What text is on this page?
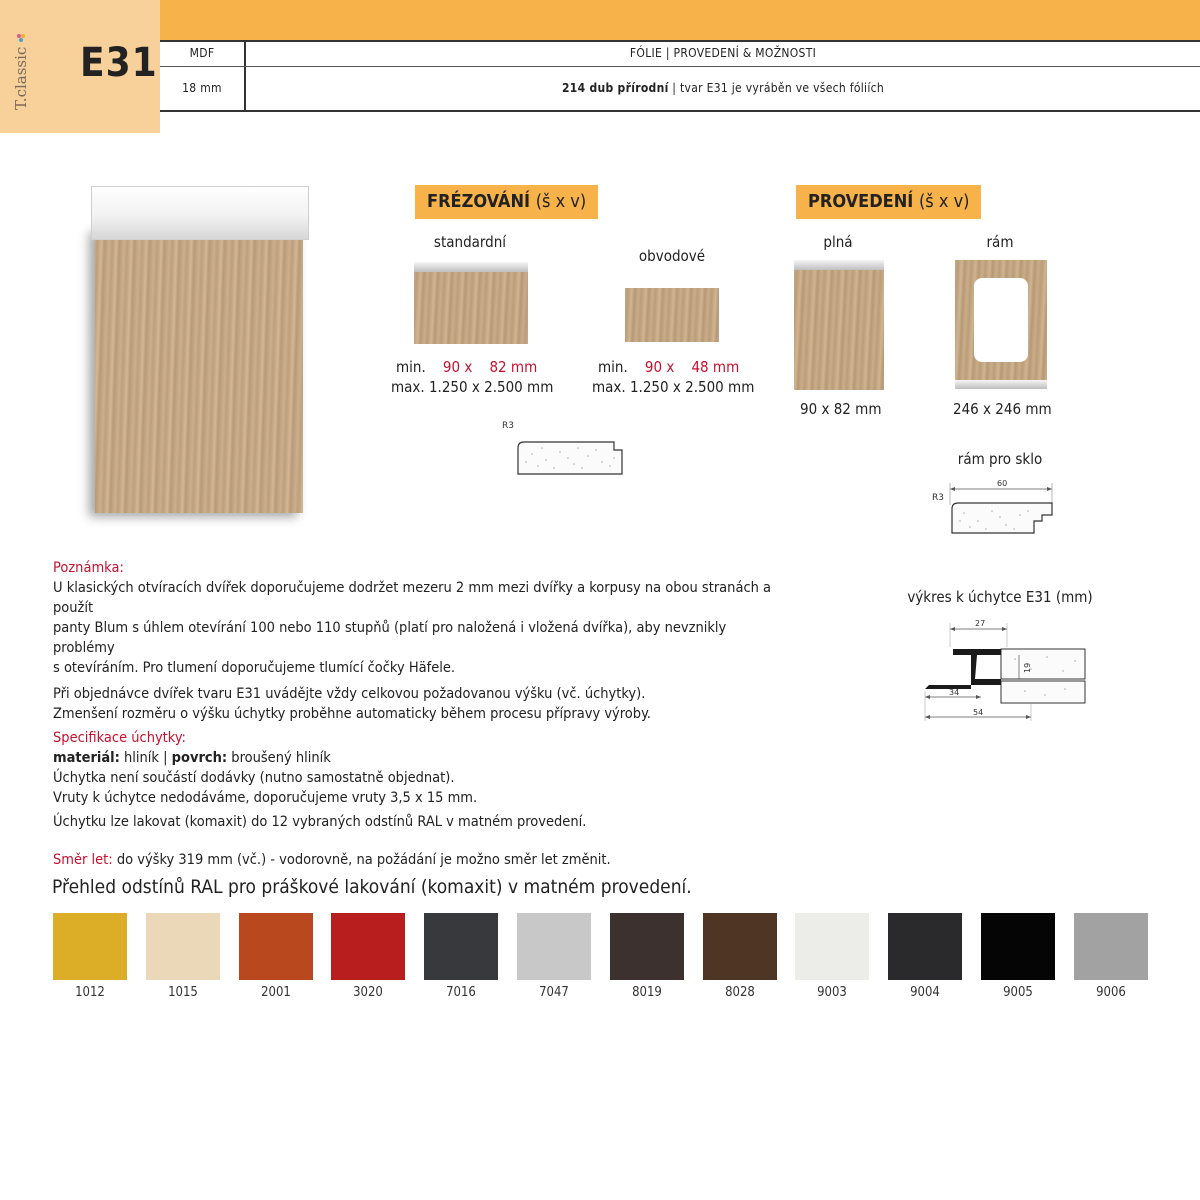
T.classic	E31	MDF	FÓLIE | PROVEDENÍ & MOŽNOSTI
18 mm	214 dub přírodní | tvar E31 je vyráběn ve všech fóliích
FRÉZOVÁNÍ (š x v)
standardní
min. 90 x 82 mm
max. 1.250 x 2.500 mm
obvodové
min. 90 x 48 mm
max. 1.250 x 2.500 mm
R3
PROVEDENÍ (š x v)
plná
90 x 82 mm
rám
246 x 246 mm
rám pro sklo
R3
60
výkres k úchytce E31 (mm)
27
19
34
54
Poznámka:
U klasických otvíracích dvířek doporučujeme dodržet mezeru 2 mm mezi dvířky a korpusy na obou stranách a použít
panty Blum s úhlem otevírání 100 nebo 110 stupňů (platí pro naložená i vložená dvířka), aby nevznikly problémy
s otevíráním. Pro tlumení doporučujeme tlumící čočky Häfele.
Při objednávce dvířek tvaru E31 uvádějte vždy celkovou požadovanou výšku (vč. úchytky).
Zmenšení rozměru o výšku úchytky proběhne automaticky během procesu přípravy výroby.
Specifikace úchytky:
materiál: hliník | povrch: broušený hliník
Úchytka není součástí dodávky (nutno samostatně objednat).
Vruty k úchytce nedodáváme, doporučujeme vruty 3,5 x 15 mm.
Úchytku lze lakovat (komaxit) do 12 vybraných odstínů RAL v matném provedení.
Směr let: do výšky 319 mm (vč.) - vodorovně, na požádání je možno směr let změnit.
Přehled odstínů RAL pro práškové lakování (komaxit) v matném provedení.
1012	1015	2001	3020	7016	7047	8019	8028	9003	9004	9005	9006
